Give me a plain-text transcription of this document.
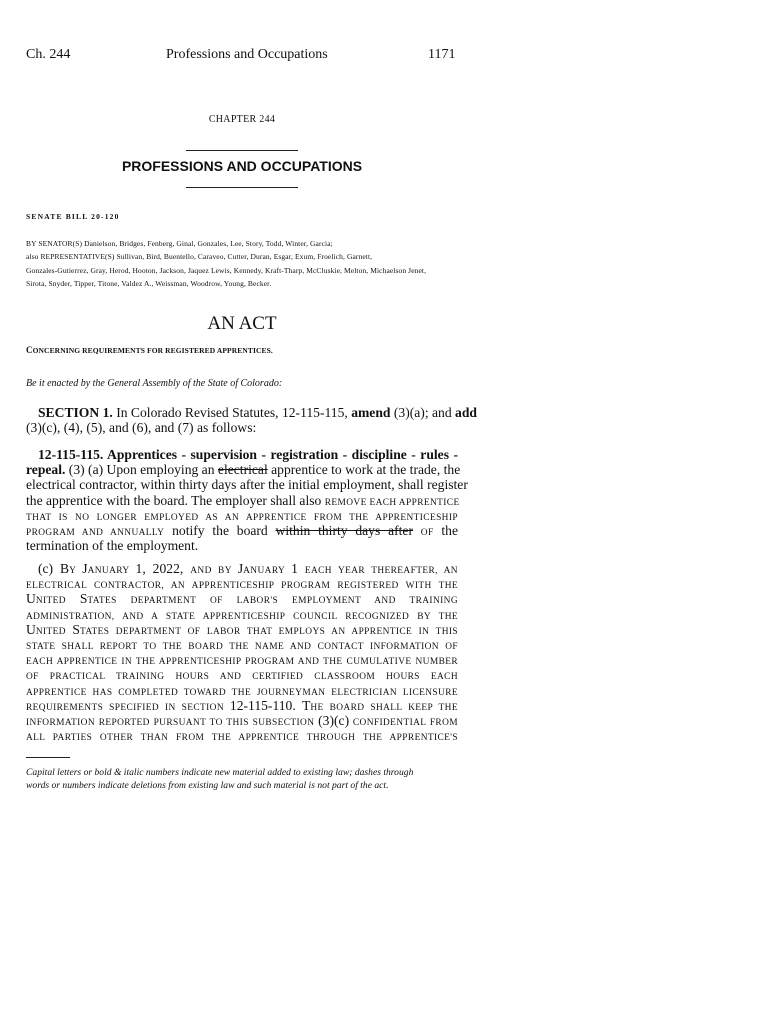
Ch. 244	Professions and Occupations	1171
CHAPTER 244
PROFESSIONS AND OCCUPATIONS
SENATE BILL 20-120
BY SENATOR(S) Danielson, Bridges, Fenberg, Ginal, Gonzales, Lee, Story, Todd, Winter, Garcia;
also REPRESENTATIVE(S) Sullivan, Bird, Buentello, Caraveo, Cutter, Duran, Esgar, Exum, Froelich, Garnett,
Gonzales-Gutierrez, Gray, Herod, Hooton, Jackson, Jaquez Lewis, Kennedy, Kraft-Tharp, McCluskie, Melton, Michaelson Jenet,
Sirota, Snyder, Tipper, Titone, Valdez A., Weissman, Woodrow, Young, Becker.
AN ACT
CONCERNING REQUIREMENTS FOR REGISTERED APPRENTICES.
Be it enacted by the General Assembly of the State of Colorado:
SECTION 1. In Colorado Revised Statutes, 12-115-115, amend (3)(a); and add
(3)(c), (4), (5), and (6), and (7) as follows:
12-115-115. Apprentices - supervision - registration - discipline - rules -
repeal. (3) (a) Upon employing an electrical apprentice to work at the trade, the
electrical contractor, within thirty days after the initial employment, shall register
the apprentice with the board. The employer shall also REMOVE EACH APPRENTICE
THAT IS NO LONGER EMPLOYED AS AN APPRENTICE FROM THE APPRENTICESHIP
PROGRAM AND ANNUALLY notify the board within thirty days after OF the
termination of the employment.
(c) BY JANUARY 1, 2022, AND BY JANUARY 1 EACH YEAR THEREAFTER, AN
ELECTRICAL CONTRACTOR, AN APPRENTICESHIP PROGRAM REGISTERED WITH THE
UNITED STATES DEPARTMENT OF LABOR'S EMPLOYMENT AND TRAINING
ADMINISTRATION, AND A STATE APPRENTICESHIP COUNCIL RECOGNIZED BY THE
UNITED STATES DEPARTMENT OF LABOR THAT EMPLOYS AN APPRENTICE IN THIS
STATE SHALL REPORT TO THE BOARD THE NAME AND CONTACT INFORMATION OF
EACH APPRENTICE IN THE APPRENTICESHIP PROGRAM AND THE CUMULATIVE NUMBER
OF PRACTICAL TRAINING HOURS AND CERTIFIED CLASSROOM HOURS EACH
APPRENTICE HAS COMPLETED TOWARD THE JOURNEYMAN ELECTRICIAN LICENSURE
REQUIREMENTS SPECIFIED IN SECTION 12-115-110. THE BOARD SHALL KEEP THE
INFORMATION REPORTED PURSUANT TO THIS SUBSECTION (3)(c) CONFIDENTIAL FROM
ALL PARTIES OTHER THAN FROM THE APPRENTICE THROUGH THE APPRENTICE'S
Capital letters or bold & italic numbers indicate new material added to existing law; dashes through
words or numbers indicate deletions from existing law and such material is not part of the act.
